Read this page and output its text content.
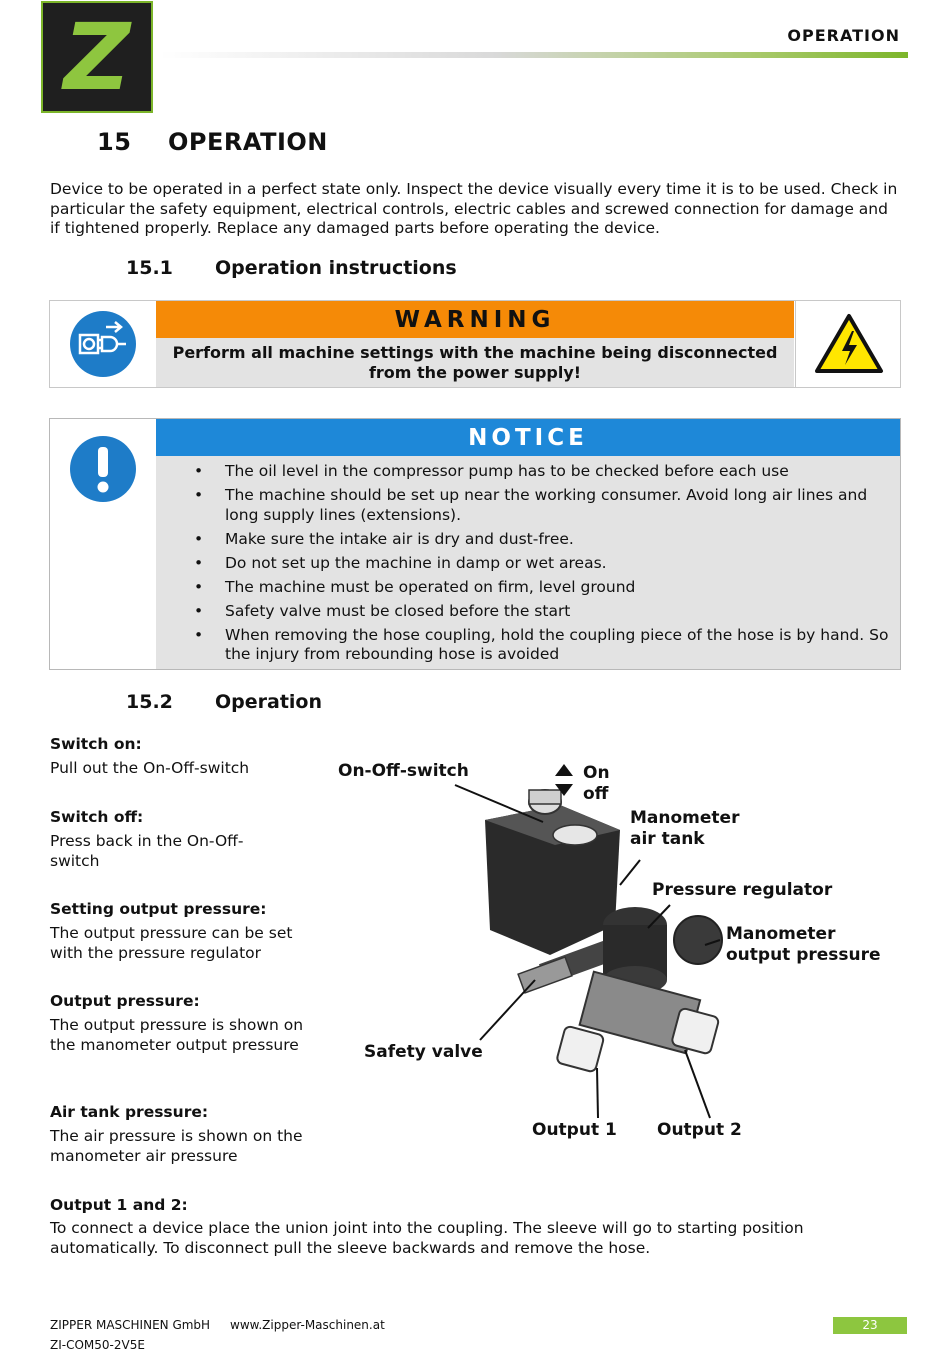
Z	OPERATION
15 OPERATION
Device to be operated in a perfect state only. Inspect the device visually every time it is to be used. Check in particular the safety equipment, electrical controls, electric cables and screwed connection for damage and if tightened properly. Replace any damaged parts before operating the device.
15.1 Operation instructions
WARNING
Perform all machine settings with the machine being disconnected from the power supply!
NOTICE
• The oil level in the compressor pump has to be checked before each use
• The machine should be set up near the working consumer. Avoid long air lines and long supply lines (extensions).
• Make sure the intake air is dry and dust-free.
• Do not set up the machine in damp or wet areas.
• The machine must be operated on firm, level ground
• Safety valve must be closed before the start
• When removing the hose coupling, hold the coupling piece of the hose is by hand. So the injury from rebounding hose is avoided
15.2 Operation
Switch on:
Pull out the On-Off-switch
Switch off:
Press back in the On-Off-switch
Setting output pressure:
The output pressure can be set with the pressure regulator
Output pressure:
The output pressure is shown on the manometer output pressure
Air tank pressure:
The air pressure is shown on the manometer air pressure
Output 1 and 2:
To connect a device place the union joint into the coupling. The sleeve will go to starting position automatically. To disconnect pull the sleeve backwards and remove the hose.
On-Off-switch	On
off
Manometer
air tank
Pressure regulator
Manometer
output pressure
Safety valve
Output 1 Output 2
ZIPPER MASCHINEN GmbH www.Zipper-Maschinen.at	23
ZI-COM50-2V5E
